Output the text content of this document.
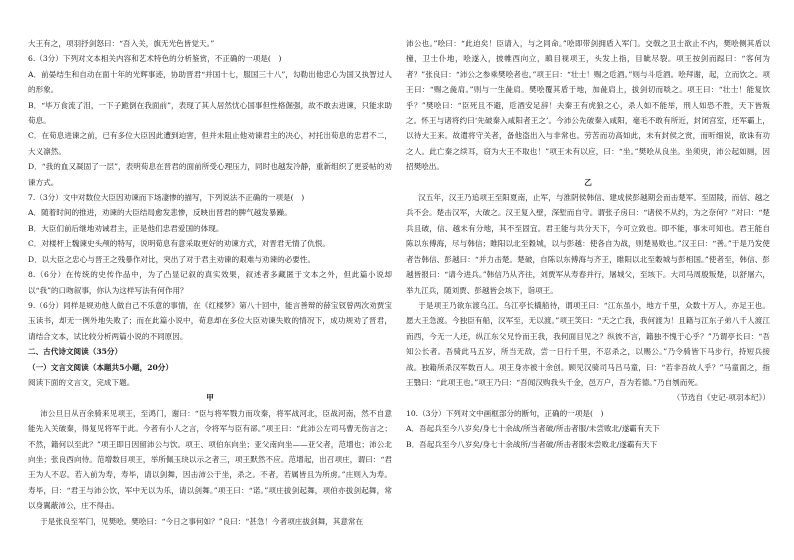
大王有之，项羽抒剑怒曰：“吾入关，旗无光色皆觉天。”

6.（3分）下列对文本相关内容和艺术特色的分析鉴赏，不正确的一项是(　)

A．前晏结生和自动在面十年的光辉事迹，协助晋君“并国十七，服国三十八”，勾勒出他忠心为国又执智过人的形象。

B．“毕万食流了泪，一下子跪倒在我面前”，表现了其人居然忧心国事但性格倔强，故不敢去进谏，只能求助荀息。

C．在荀息进谏之前，已有多位大臣因此遭到迫害，但并未阻止他劝谏君主的决心，衬托出荀息的忠君不二，大义凛然。

D．“我的血又凝固了一层”，表明荀息在晋君的面前所受心理压力，同时也越发冷静，重新组织了更妥帖的劝谏方式。

7.（3分）文中对数位大臣因劝谏而下场凄惨的描写，下列说法不正确的一项是(　)

A．随着时间的推进，劝谏的大臣结局愈发悲惨，反映出晋君的脾气越发暴躁。

B．大臣们前后继地劝诫君主，正是他们忠君爱国的体现。

C．对楼杆上魏谏史头颅的特写，说明荀息有意采取更好的劝谏方式，对晋君无情了仇恨。

D．以大臣之忠心与晋王之残暴作对比，突出了对于君主劝谏的艰难与劝谏的必要性。

8.（6分）在传统的史传作品中，为了凸显记叙的真实效果，叙述者多藏匿于文本之外，但此篇小说却以“我”的口吻叙事，你认为这样写法有何作用？

9.（6分）同样是规劝他人做自己不乐意的事情，在《红楼梦》第八十回中，能言善辩的薛宝钗曾两次劝贾宝玉读书，却无一例外地失败了；而在此篇小说中，荀息却在多位大臣劝谏失败的情况下，成功规劝了晋君，请结合文本，试比较分析两篇小说的不同原因。

二、古代诗文阅读（35分）

（一）文言文阅读（本题共5小题，20分）

阅读下面的文言文，完成下题。

甲

沛公旦日从百余骑来见项王，至鸿门，谢曰：“臣与将军戮力而攻秦，将军战河北，臣战河南，然不自意能先入关破秦，得复见将军于此。今者有小人之言，令将军与臣有郤。”项王曰：“此沛公左司马曹无伤言之；不然，籍何以至此？”项王即日因留沛公与饮。项王、项伯东向坐；亚父南向坐——亚父者，范增也；沛公北向坐；张良西向侍。范增数目项王，举所佩玉玦以示之者三，项王默然不应。范增起，出召项庄，谓曰：“君王为人不忍。若入前为寿，寿毕，请以剑舞，因击沛公于坐，杀之。不者，若属皆且为所虏。”庄则入为寿。寿毕，曰：“君王与沛公饮，军中无以为乐，请以剑舞。”项王曰：“诺。”项庄拔剑起舞，项伯亦拔剑起舞，常以身翼蔽沛公，庄不得击。

于是张良至军门，见樊哙。樊哙曰：“今日之事何如？”良曰：“甚急！今者项庄拔剑舞，其意常在

沛公也。”哙曰：“此迫矣！臣请入，与之同命。”哙即带剑拥盾入军门。交戟之卫士欲止不内，樊哙侧其盾以撞，卫士仆地，哙遂入，披帷西向立，瞋目视项王，头发上指，目眦尽裂。项王按剑而跽曰：“客何为者？”张良曰：“沛公之参乘樊哙者也。”项王曰：“壮士！赐之卮酒。”则与斗卮酒。哙拜谢，起，立而饮之。项王曰：“赐之彘肩。”则与一生彘肩。樊哙覆其盾于地，加彘肩上，拔剑切而啖之。项王曰：“壮士！能复饮乎？”樊哙曰：“臣死且不避，卮酒安足辞！夫秦王有虎狼之心，杀人如不能举，刑人如恐不胜，天下皆叛之。怀王与诸将约曰‘先破秦入咸阳者王之’。今沛公先破秦入咸阳，毫毛不敢有所近，封闭宫室，还军霸上，以待大王来。故遣将守关者，备他盗出入与非常也。劳苦而功高如此，未有封侯之赏，而听细说，欲诛有功之人。此亡秦之续耳，窃为大王不取也！”项王未有以应，曰：“坐。”樊哙从良坐。坐须臾，沛公起如厕，因招樊哙出。

乙

汉五年，汉王乃追项王至阳夏南，止军，与淮阴侯韩信、建成侯彭越期会而击楚军。至固陵，而信、越之兵不会。楚击汉军，大破之。汉王复入壁，深堑而自守。谓张子房曰：“诸侯不从约，为之奈何？”对曰：“楚兵且破，信、越未有分地，其不至固宜。君王能与共分天下，今可立致也。即不能，事未可知也。君王能自陈以东傅海，尽与韩信；睢阳以北至穀城，以与彭越：使各自为战，则楚易败也。”汉王曰：“善。”于是乃发使者告韩信、彭越曰：“并力击楚。楚破，自陈以东傅海与齐王，睢阳以北至穀城与彭相国。”使者至，韩信、彭越皆报曰：“请今进兵。”韩信乃从齐往，刘贾军从寿春并行，屠城父，至垓下。大司马周殷叛楚，以舒屠六，举九江兵，随刘贾、彭越皆会垓下，诣项王。

于是项王乃欲东渡乌江。乌江亭长檥船待，谓项王曰：“江东虽小，地方千里，众数十万人，亦足王也。愿大王急渡。今独臣有船，汉军至，无以渡。”项王笑曰：“天之亡我，我何渡为！且籍与江东子弟八千人渡江而西，今无一人还，纵江东父兄怜而王我，我何面目见之？纵彼不言，籍独不愧于心乎？”乃谓亭长曰：“吾知公长者。吾骑此马五岁，所当无敌，尝一日行千里，不忍杀之，以赐公。”乃令骑皆下马步行，持短兵接战。独籍所杀汉军数百人。项王身亦被十余创。顾见汉骑司马吕马童，曰：“若非吾故人乎？”马童面之，指王翳曰：“此项王也。”项王乃曰：“吾闻汉购我头千金，邑万户，吾为若德。”乃自刎而死。

（节选自《史记·项羽本纪》）

10.（3分）下列对文中画框部分的断句，正确的一项是(　)

A．吾起兵至今八岁矣/身七十余战/所当者破/所击者服/未尝败北/遂霸有天下

B．吾起兵至今八岁矣/身七十余战所/当者破/所击者服未尝败北/遂霸有天下
